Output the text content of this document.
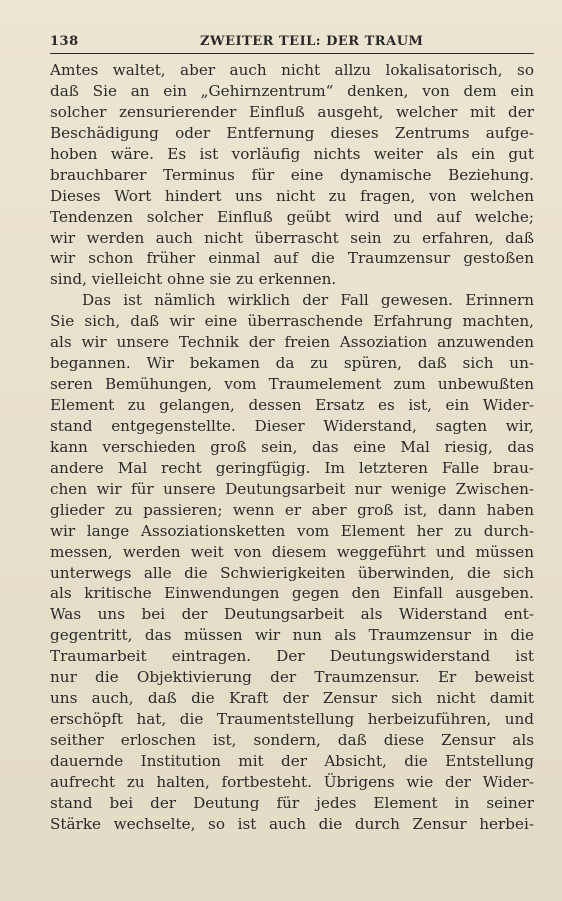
138	ZWEITER TEIL: DER TRAUM
Amtes waltet, aber auch nicht allzu lokalisatorisch, so
daß Sie an ein „Gehirnzentrum“ denken, von dem ein
solcher zensurierender Einfluß ausgeht, welcher mit der
Beschädigung oder Entfernung dieses Zentrums aufge-
hoben wäre. Es ist vorläufig nichts weiter als ein gut
brauchbarer Terminus für eine dynamische Beziehung.
Dieses Wort hindert uns nicht zu fragen, von welchen
Tendenzen solcher Einfluß geübt wird und auf welche;
wir werden auch nicht überrascht sein zu erfahren, daß
wir schon früher einmal auf die Traumzensur gestoßen
sind, vielleicht ohne sie zu erkennen.
Das ist nämlich wirklich der Fall gewesen. Erinnern
Sie sich, daß wir eine überraschende Erfahrung machten,
als wir unsere Technik der freien Assoziation anzuwenden
begannen. Wir bekamen da zu spüren, daß sich un-
seren Bemühungen, vom Traumelement zum unbewußten
Element zu gelangen, dessen Ersatz es ist, ein Wider-
stand entgegenstellte. Dieser Widerstand, sagten wir,
kann verschieden groß sein, das eine Mal riesig, das
andere Mal recht geringfügig. Im letzteren Falle brau-
chen wir für unsere Deutungsarbeit nur wenige Zwischen-
glieder zu passieren; wenn er aber groß ist, dann haben
wir lange Assoziationsketten vom Element her zu durch-
messen, werden weit von diesem weggeführt und müssen
unterwegs alle die Schwierigkeiten überwinden, die sich
als kritische Einwendungen gegen den Einfall ausgeben.
Was uns bei der Deutungsarbeit als Widerstand ent-
gegentritt, das müssen wir nun als Traumzensur in die
Traumarbeit eintragen. Der Deutungswiderstand ist
nur die Objektivierung der Traumzensur. Er beweist
uns auch, daß die Kraft der Zensur sich nicht damit
erschöpft hat, die Traumentstellung herbeizuführen, und
seither erloschen ist, sondern, daß diese Zensur als
dauernde Institution mit der Absicht, die Entstellung
aufrecht zu halten, fortbesteht. Übrigens wie der Wider-
stand bei der Deutung für jedes Element in seiner
Stärke wechselte, so ist auch die durch Zensur herbei-
